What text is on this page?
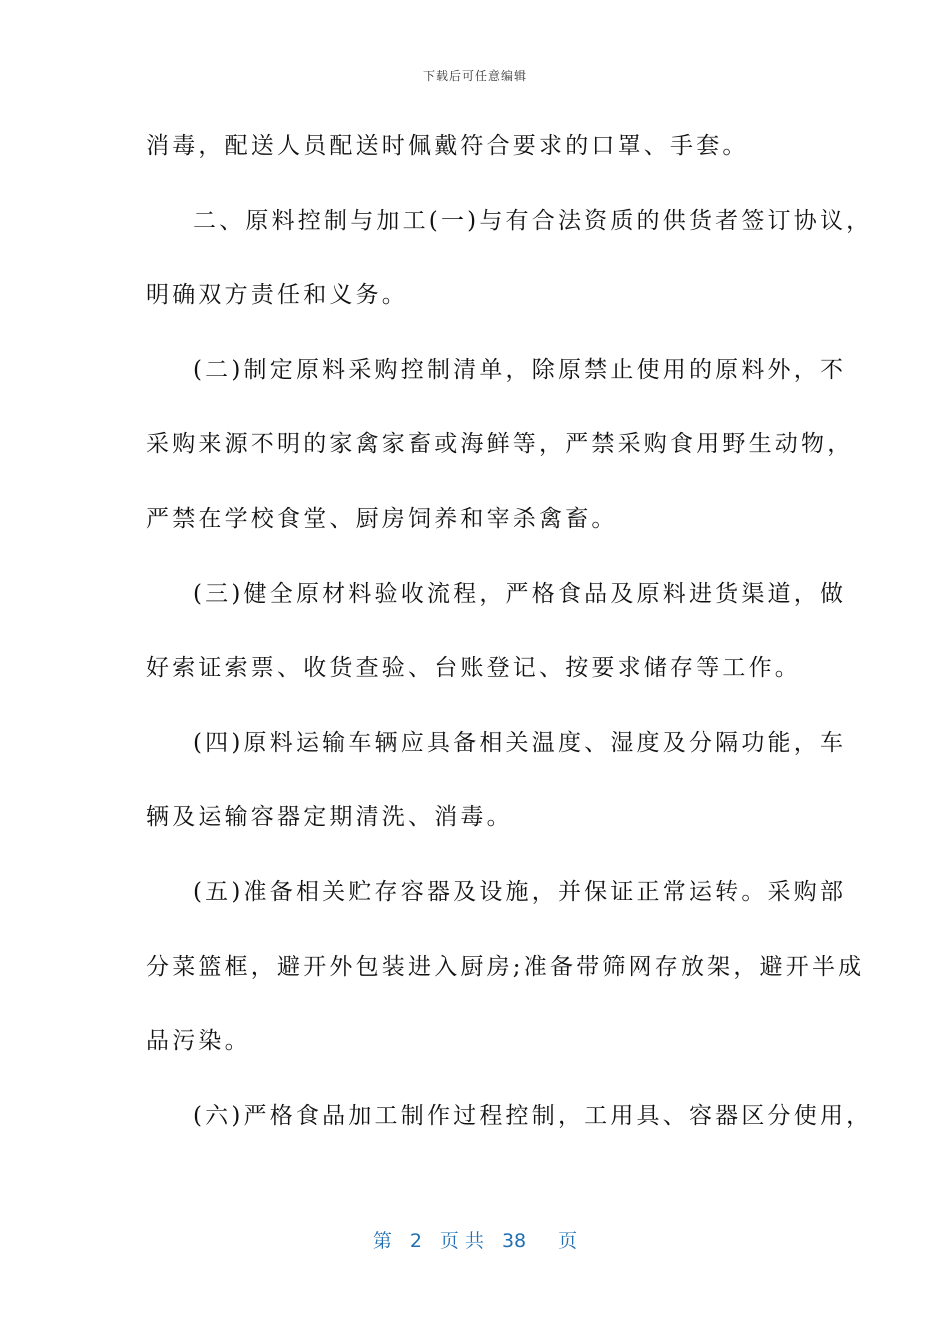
下载后可任意编辑
消毒，配送人员配送时佩戴符合要求的口罩、手套。
二、原料控制与加工(一)与有合法资质的供货者签订协议，
明确双方责任和义务。
(二)制定原料采购控制清单，除原禁止使用的原料外，不
采购来源不明的家禽家畜或海鲜等，严禁采购食用野生动物，
严禁在学校食堂、厨房饲养和宰杀禽畜。
(三)健全原材料验收流程，严格食品及原料进货渠道，做
好索证索票、收货查验、台账登记、按要求储存等工作。
(四)原料运输车辆应具备相关温度、湿度及分隔功能，车
辆及运输容器定期清洗、消毒。
(五)准备相关贮存容器及设施，并保证正常运转。采购部
分菜篮框，避开外包装进入厨房;准备带筛网存放架，避开半成
品污染。
(六)严格食品加工制作过程控制，工用具、容器区分使用，
第 2 页 共 38 页
